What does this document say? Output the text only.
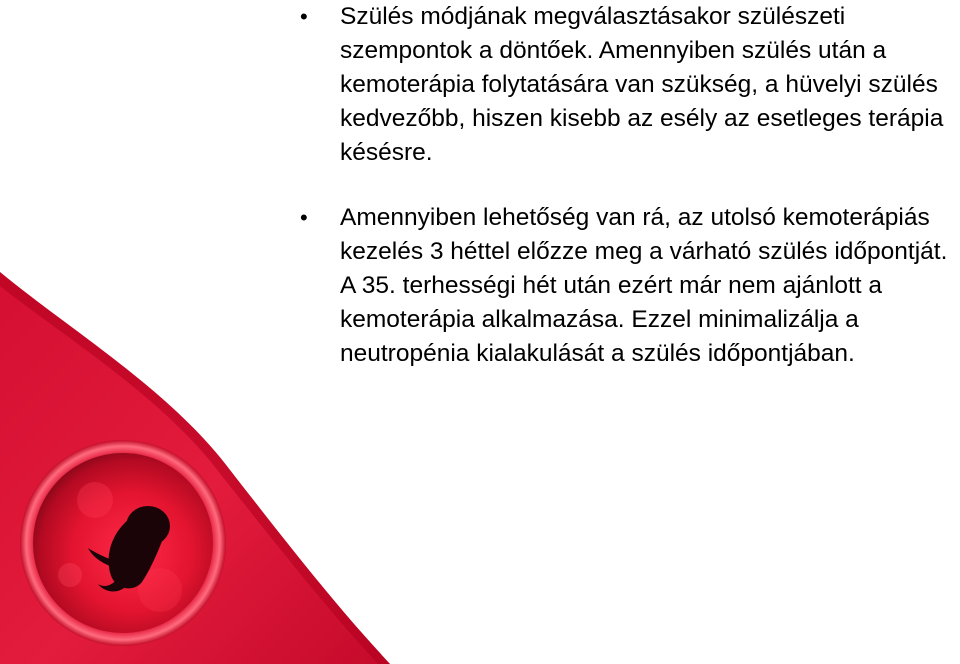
• Szülés módjának megválasztásakor szülészeti szempontok a döntőek. Amennyiben szülés után a kemoterápia folytatására van szükség, a hüvelyi szülés kedvezőbb, hiszen kisebb az esély az esetleges terápia késésre.
• Amennyiben lehetőség van rá, az utolsó kemoterápiás kezelés 3 héttel előzze meg a várható szülés időpontját. A 35. terhességi hét után ezért már nem ajánlott a kemoterápia alkalmazása. Ezzel minimalizálja a neutropénia kialakulását a szülés időpontjában.
